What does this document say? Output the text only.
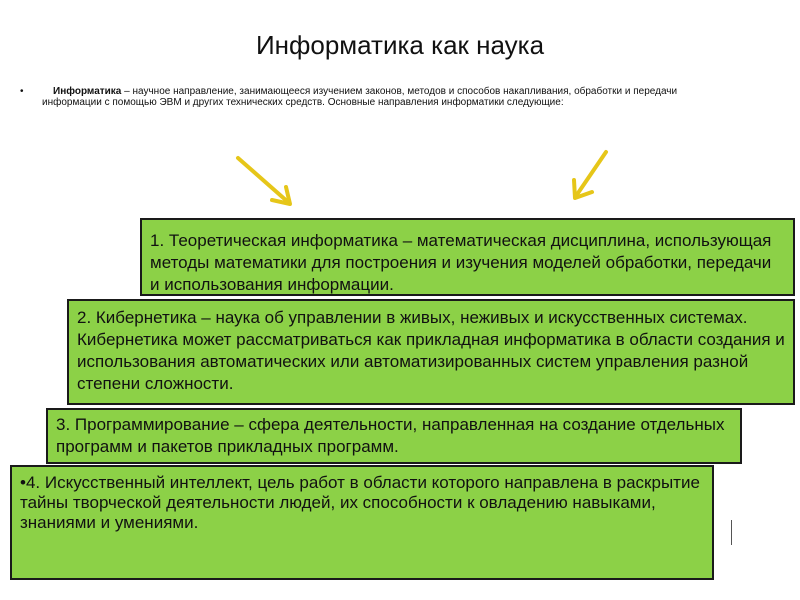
Информатика как наука
•	Информатика – научное направление, занимающееся изучением законов, методов и способов накапливания, обработки и передачи информации с помощью ЭВМ и других технических средств. Основные направления информатики следующие:

1. Теоретическая информатика – математическая дисциплина, использующая методы математики для построения и изучения моделей обработки, передачи и использования информации.

2. Кибернетика – наука об управлении в живых, неживых и искусственных системах. Кибернетика может рассматриваться как прикладная информатика в области создания и использования автоматических или автоматизированных систем управления разной степени сложности.

3. Программирование – сфера деятельности, направленная на создание отдельных программ и пакетов прикладных программ.

•4. Искусственный интеллект, цель работ в области которого направлена в раскрытие тайны творческой деятельности людей, их способности к овладению навыками, знаниями и умениями.
